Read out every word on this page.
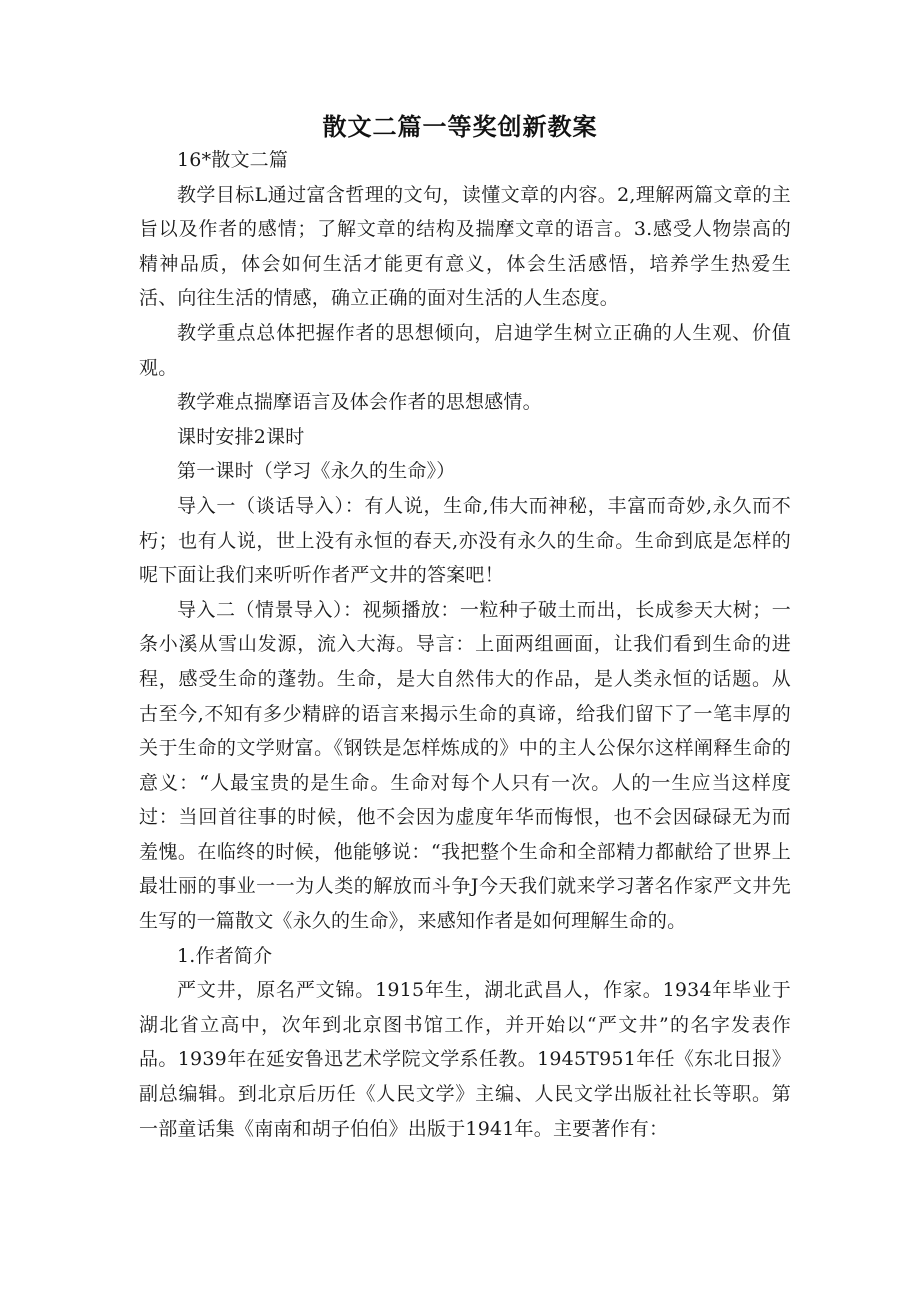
散文二篇一等奖创新教案

16*散文二篇

教学目标L通过富含哲理的文句，读懂文章的内容。2,理解两篇文章的主旨以及作者的感情；了解文章的结构及揣摩文章的语言。3.感受人物崇高的精神品质，体会如何生活才能更有意义，体会生活感悟，培养学生热爱生活、向往生活的情感，确立正确的面对生活的人生态度。

教学重点总体把握作者的思想倾向，启迪学生树立正确的人生观、价值观。

教学难点揣摩语言及体会作者的思想感情。

课时安排2课时

第一课时（学习《永久的生命》）

导入一（谈话导入）：有人说，生命,伟大而神秘，丰富而奇妙,永久而不朽；也有人说，世上没有永恒的春天,亦没有永久的生命。生命到底是怎样的呢下面让我们来听听作者严文井的答案吧！

导入二（情景导入）：视频播放：一粒种子破土而出，长成参天大树；一条小溪从雪山发源，流入大海。导言：上面两组画面，让我们看到生命的进程，感受生命的蓬勃。生命，是大自然伟大的作品，是人类永恒的话题。从古至今,不知有多少精辟的语言来揭示生命的真谛，给我们留下了一笔丰厚的关于生命的文学财富。《钢铁是怎样炼成的》中的主人公保尔这样阐释生命的意义：“人最宝贵的是生命。生命对每个人只有一次。人的一生应当这样度过：当回首往事的时候，他不会因为虚度年华而悔恨，也不会因碌碌无为而羞愧。在临终的时候，他能够说：“我把整个生命和全部精力都献给了世界上最壮丽的事业一一为人类的解放而斗争J今天我们就来学习著名作家严文井先生写的一篇散文《永久的生命》，来感知作者是如何理解生命的。

1.作者简介

严文井，原名严文锦。1915年生，湖北武昌人，作家。1934年毕业于湖北省立高中，次年到北京图书馆工作，并开始以“严文井”的名字发表作品。1939年在延安鲁迅艺术学院文学系任教。1945T951年任《东北日报》副总编辑。到北京后历任《人民文学》主编、人民文学出版社社长等职。第一部童话集《南南和胡子伯伯》出版于1941年。主要著作有：
